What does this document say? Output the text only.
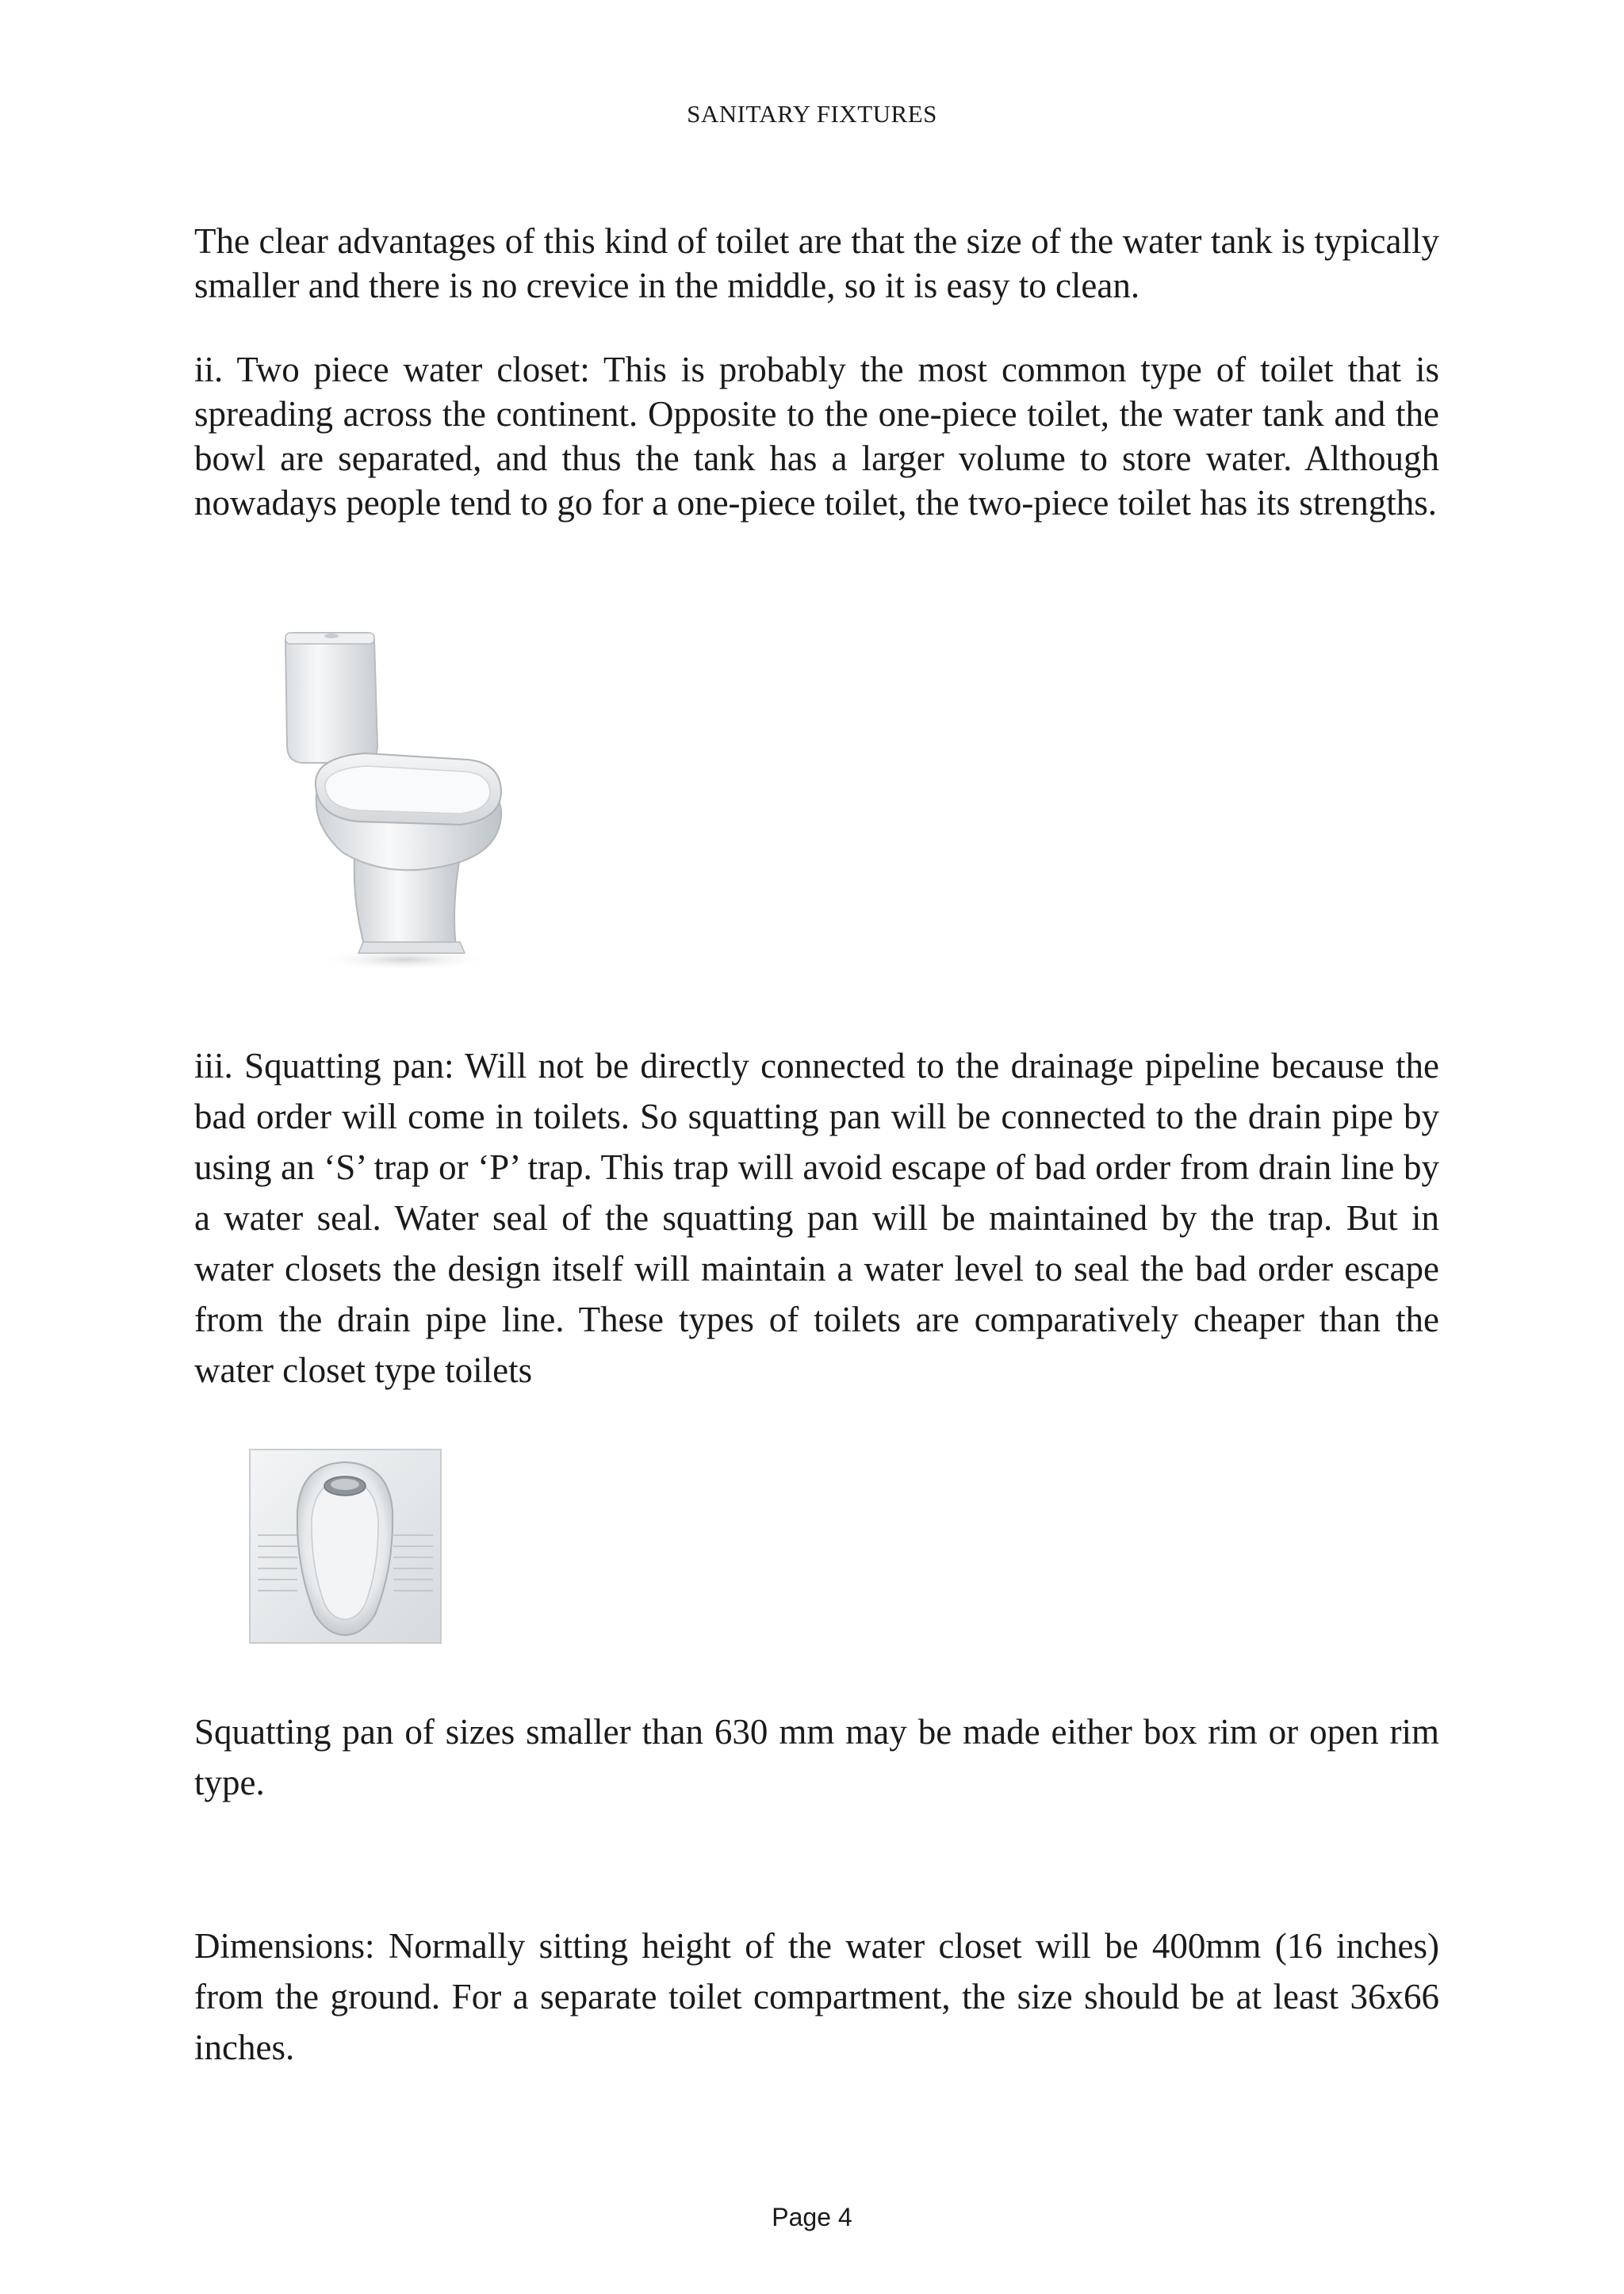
SANITARY FIXTURES

The clear advantages of this kind of toilet are that the size of the water tank is typically smaller and there is no crevice in the middle, so it is easy to clean.

ii. Two piece water closet: This is probably the most common type of toilet that is spreading across the continent. Opposite to the one-piece toilet, the water tank and the bowl are separated, and thus the tank has a larger volume to store water. Although nowadays people tend to go for a one-piece toilet, the two-piece toilet has its strengths.

iii. Squatting pan: Will not be directly connected to the drainage pipeline because the bad order will come in toilets. So squatting pan will be connected to the drain pipe by using an ‘S’ trap or ‘P’ trap. This trap will avoid escape of bad order from drain line by a water seal. Water seal of the squatting pan will be maintained by the trap. But in water closets the design itself will maintain a water level to seal the bad order escape from the drain pipe line. These types of toilets are comparatively cheaper than the water closet type toilets

Squatting pan of sizes smaller than 630 mm may be made either box rim or open rim type.

Dimensions: Normally sitting height of the water closet will be 400mm (16 inches) from the ground. For a separate toilet compartment, the size should be at least 36x66 inches.

Page 4
